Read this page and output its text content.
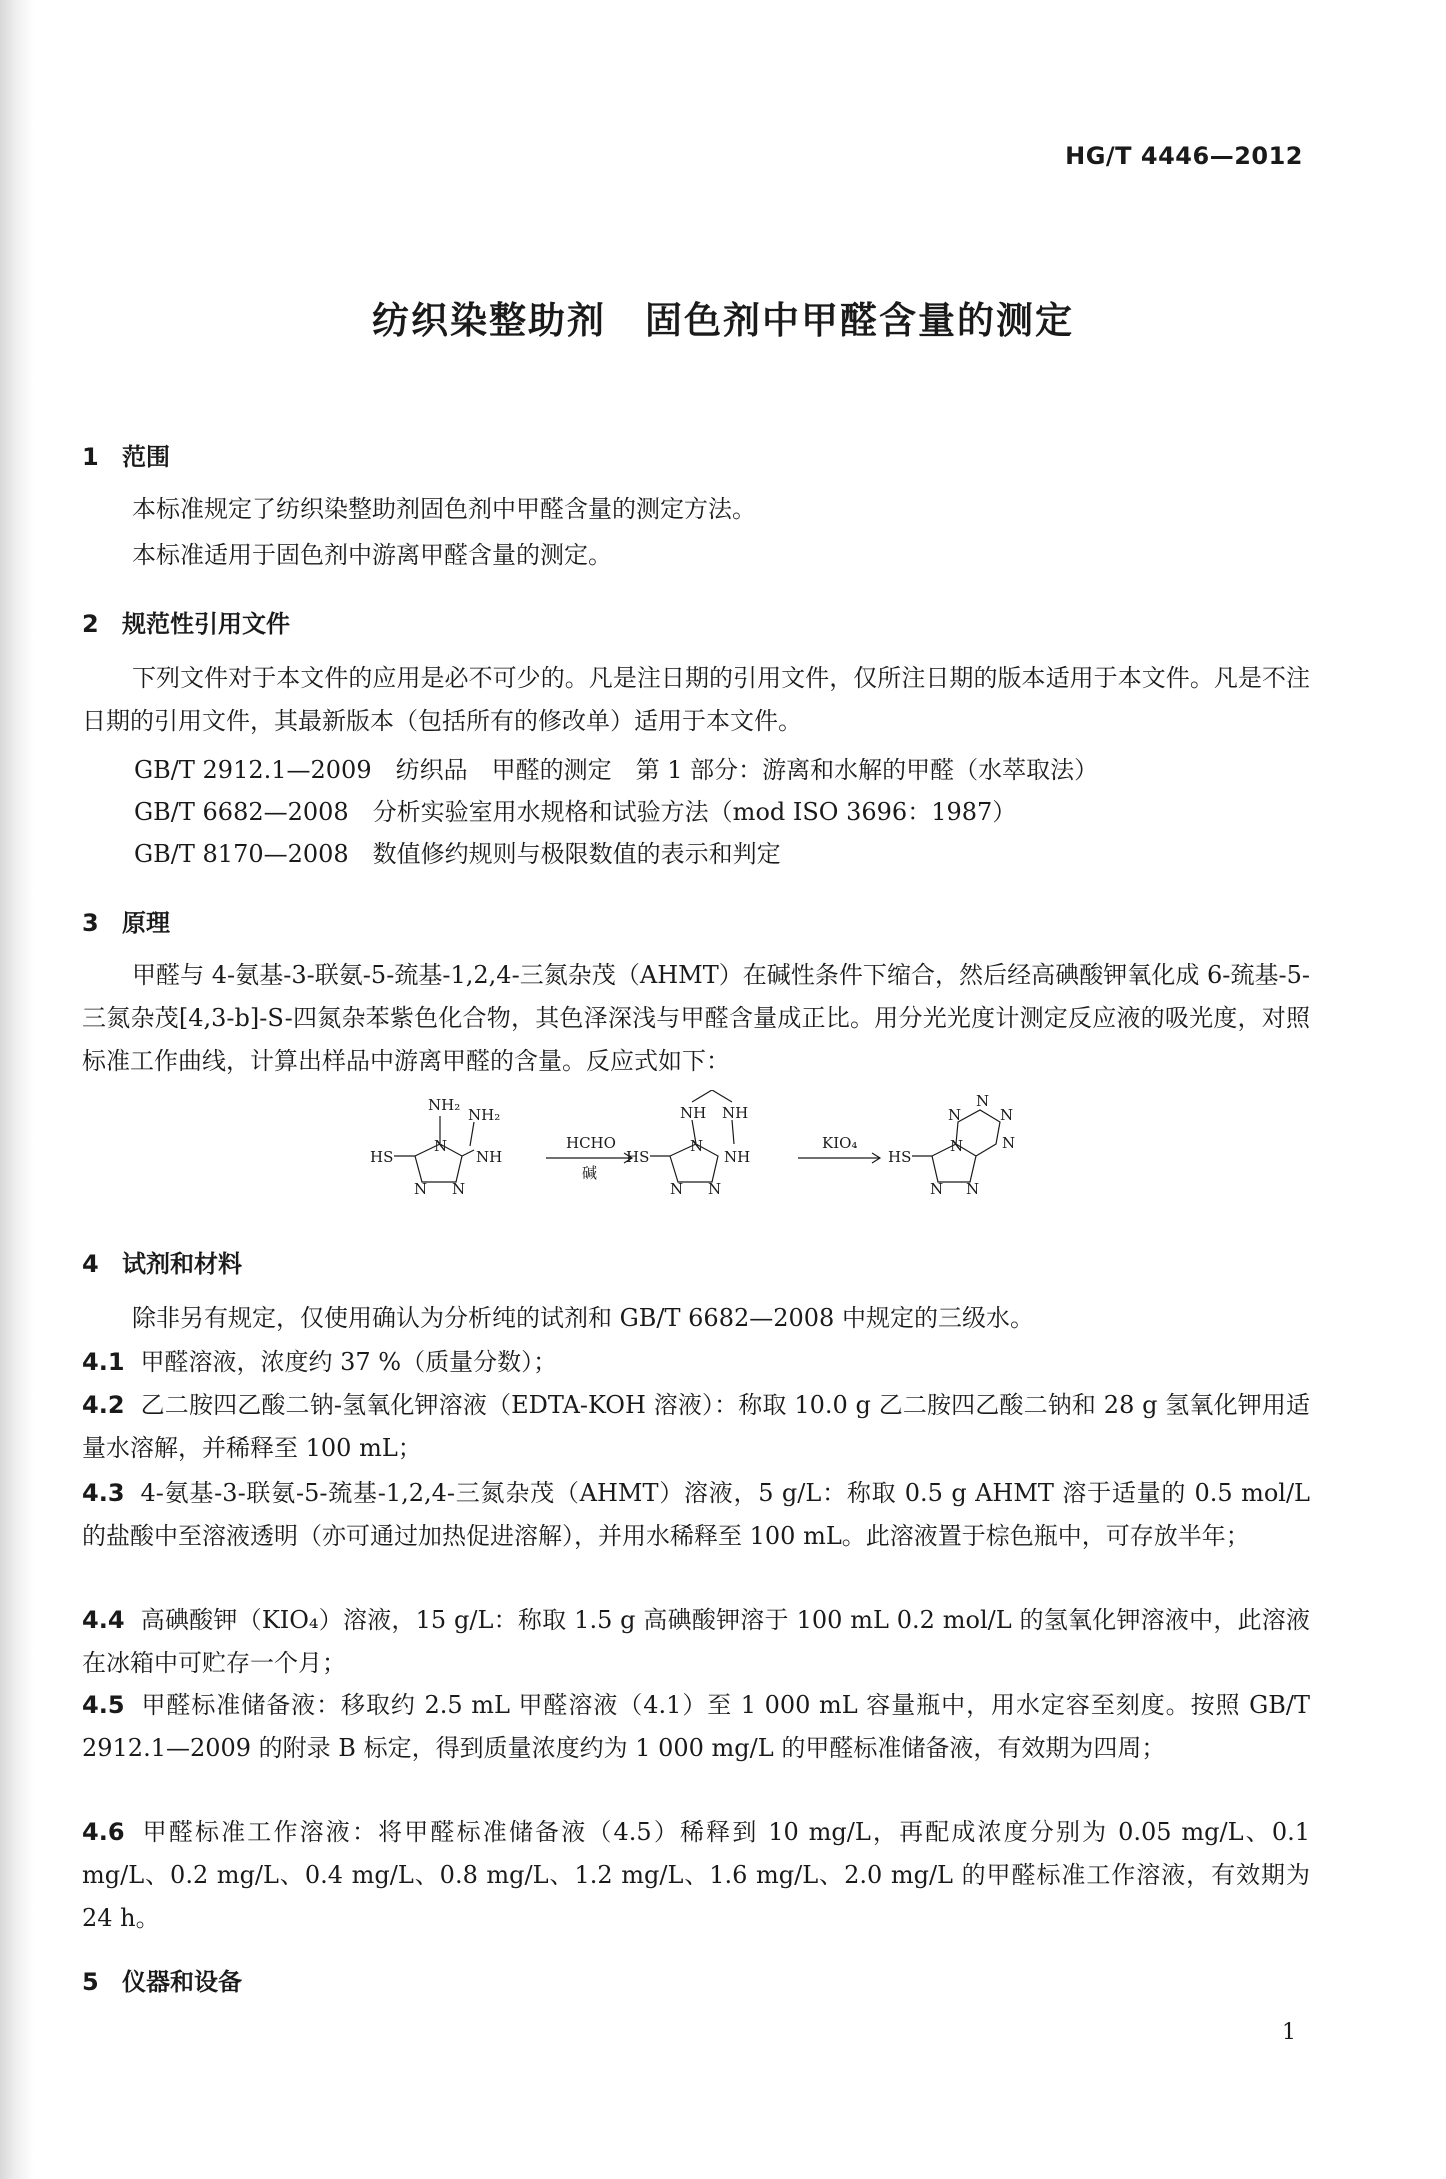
HG/T 4446—2012
纺织染整助剂　固色剂中甲醛含量的测定
1 范围
本标准规定了纺织染整助剂固色剂中甲醛含量的测定方法。
本标准适用于固色剂中游离甲醛含量的测定。
2 规范性引用文件
下列文件对于本文件的应用是必不可少的。凡是注日期的引用文件，仅所注日期的版本适用于本文件。凡是不注日期的引用文件，其最新版本（包括所有的修改单）适用于本文件。
GB/T 2912.1—2009　纺织品　甲醛的测定　第 1 部分：游离和水解的甲醛（水萃取法）
GB/T 6682—2008　分析实验室用水规格和试验方法（mod ISO 3696：1987）
GB/T 8170—2008　数值修约规则与极限数值的表示和判定
3 原理
甲醛与 4-氨基-3-联氨-5-巯基-1,2,4-三氮杂茂（AHMT）在碱性条件下缩合，然后经高碘酸钾氧化成 6-巯基-5-三氮杂茂[4,3-b]-S-四氮杂苯紫色化合物，其色泽深浅与甲醛含量成正比。用分光光度计测定反应液的吸光度，对照标准工作曲线，计算出样品中游离甲醛的含量。反应式如下：
NH₂
NH₂
NH
HS
N
N N
HCHO
碱
NH NH
NH
HS
N
N N
KIO₄
HS
N
N N
N	N
N
N
4 试剂和材料
除非另有规定，仅使用确认为分析纯的试剂和 GB/T 6682—2008 中规定的三级水。
4.1 甲醛溶液，浓度约 37 %（质量分数）；
4.2 乙二胺四乙酸二钠-氢氧化钾溶液（EDTA-KOH 溶液）：称取 10.0 g 乙二胺四乙酸二钠和 28 g 氢氧化钾用适量水溶解，并稀释至 100 mL；
4.3 4-氨基-3-联氨-5-巯基-1,2,4-三氮杂茂（AHMT）溶液，5 g/L：称取 0.5 g AHMT 溶于适量的 0.5 mol/L 的盐酸中至溶液透明（亦可通过加热促进溶解），并用水稀释至 100 mL。此溶液置于棕色瓶中，可存放半年；
4.4 高碘酸钾（KIO₄）溶液，15 g/L：称取 1.5 g 高碘酸钾溶于 100 mL 0.2 mol/L 的氢氧化钾溶液中，此溶液在冰箱中可贮存一个月；
4.5 甲醛标准储备液：移取约 2.5 mL 甲醛溶液（4.1）至 1 000 mL 容量瓶中，用水定容至刻度。按照 GB/T 2912.1—2009 的附录 B 标定，得到质量浓度约为 1 000 mg/L 的甲醛标准储备液，有效期为四周；
4.6 甲醛标准工作溶液：将甲醛标准储备液（4.5）稀释到 10 mg/L，再配成浓度分别为 0.05 mg/L、0.1 mg/L、0.2 mg/L、0.4 mg/L、0.8 mg/L、1.2 mg/L、1.6 mg/L、2.0 mg/L 的甲醛标准工作溶液，有效期为 24 h。
5 仪器和设备
1
